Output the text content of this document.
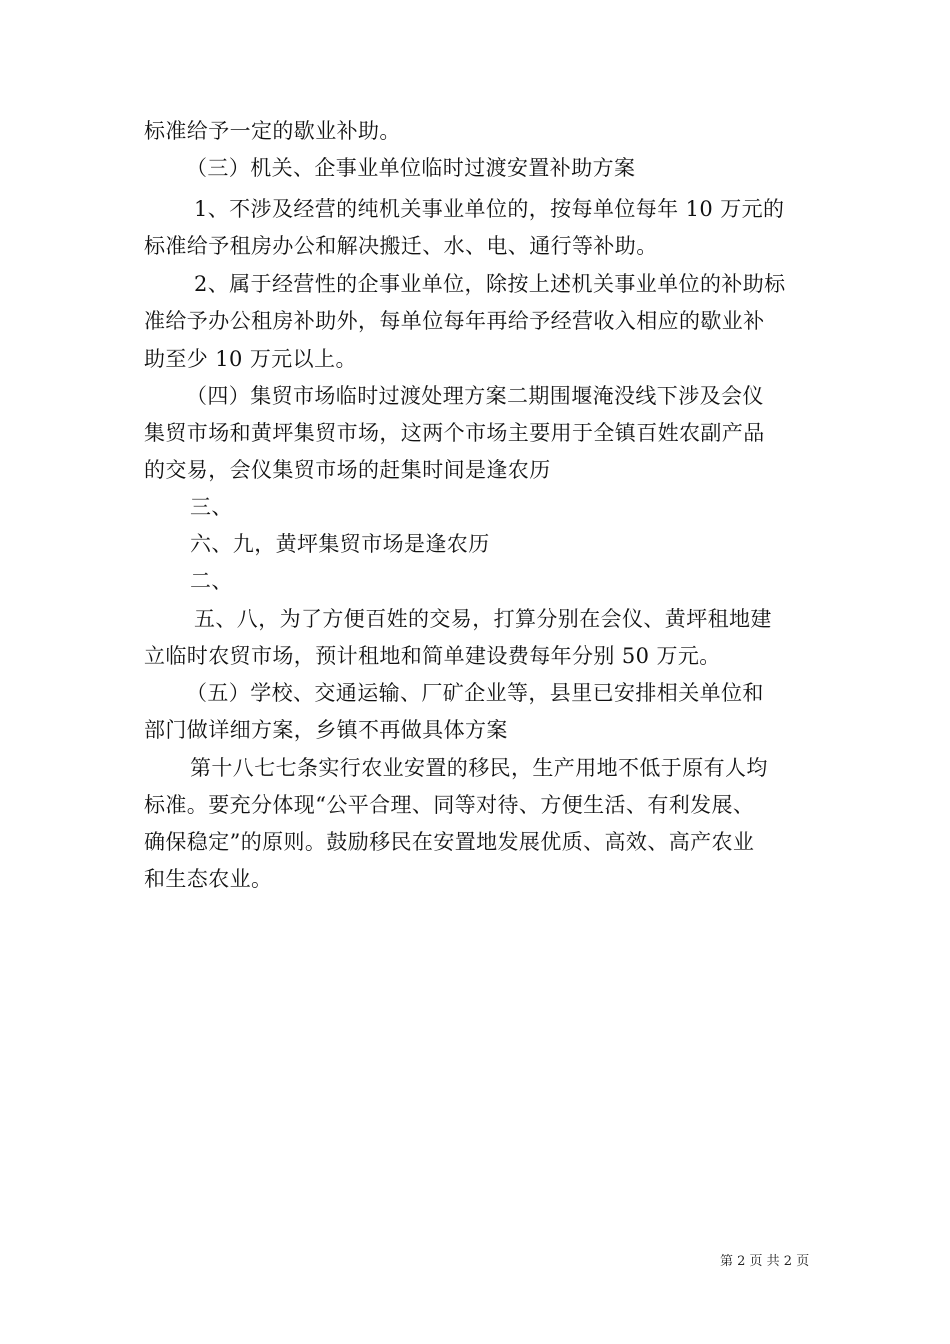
标准给予一定的歇业补助。
（三）机关、企事业单位临时过渡安置补助方案
1、不涉及经营的纯机关事业单位的，按每单位每年 10 万元的
标准给予租房办公和解决搬迁、水、电、通行等补助。
2、属于经营性的企事业单位，除按上述机关事业单位的补助标
准给予办公租房补助外，每单位每年再给予经营收入相应的歇业补
助至少 10 万元以上。
（四）集贸市场临时过渡处理方案二期围堰淹没线下涉及会仪
集贸市场和黄坪集贸市场，这两个市场主要用于全镇百姓农副产品
的交易，会仪集贸市场的赶集时间是逢农历
三、
六、九，黄坪集贸市场是逢农历
二、
五、八，为了方便百姓的交易，打算分别在会仪、黄坪租地建
立临时农贸市场，预计租地和简单建设费每年分别 50 万元。
（五）学校、交通运输、厂矿企业等，县里已安排相关单位和
部门做详细方案，乡镇不再做具体方案
第十八七七条实行农业安置的移民，生产用地不低于原有人均
标准。要充分体现“公平合理、同等对待、方便生活、有利发展、
确保稳定”的原则。鼓励移民在安置地发展优质、高效、高产农业
和生态农业。
第 2 页 共 2 页
